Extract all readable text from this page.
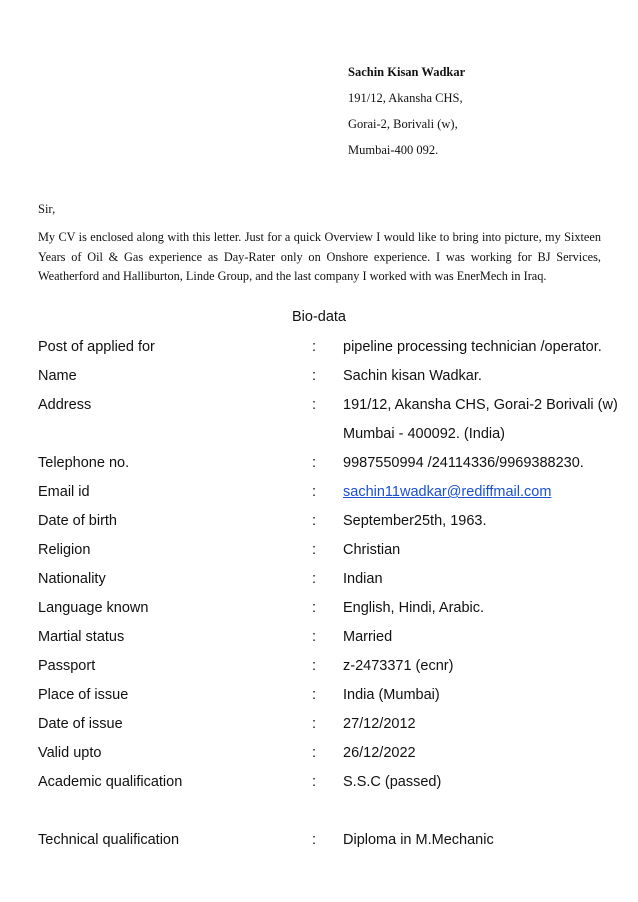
Sachin Kisan Wadkar
191/12, Akansha CHS,
Gorai-2, Borivali (w),
Mumbai-400 092.
Sir,
My CV is enclosed along with this letter. Just for a quick Overview I would like to bring into picture, my Sixteen Years of Oil & Gas experience as Day-Rater only on Onshore experience. I was working for BJ Services, Weatherford and Halliburton, Linde Group, and the last company I worked with was EnerMech in Iraq.
Bio-data
Post of applied for	: pipeline processing technician /operator.
Name	: Sachin kisan Wadkar.
Address	: 191/12, Akansha CHS, Gorai-2 Borivali (w)
Mumbai - 400092. (India)
Telephone no.	: 9987550994 /24114336/9969388230.
Email id	: sachin11wadkar@rediffmail.com
Date of birth	: September25th, 1963.
Religion	: Christian
Nationality	: Indian
Language known	: English, Hindi, Arabic.
Martial status	: Married
Passport	: z-2473371 (ecnr)
Place of issue	: India (Mumbai)
Date of issue	: 27/12/2012
Valid upto	: 26/12/2022
Academic qualification	: S.S.C (passed)
Technical qualification	: Diploma in M.Mechanic
